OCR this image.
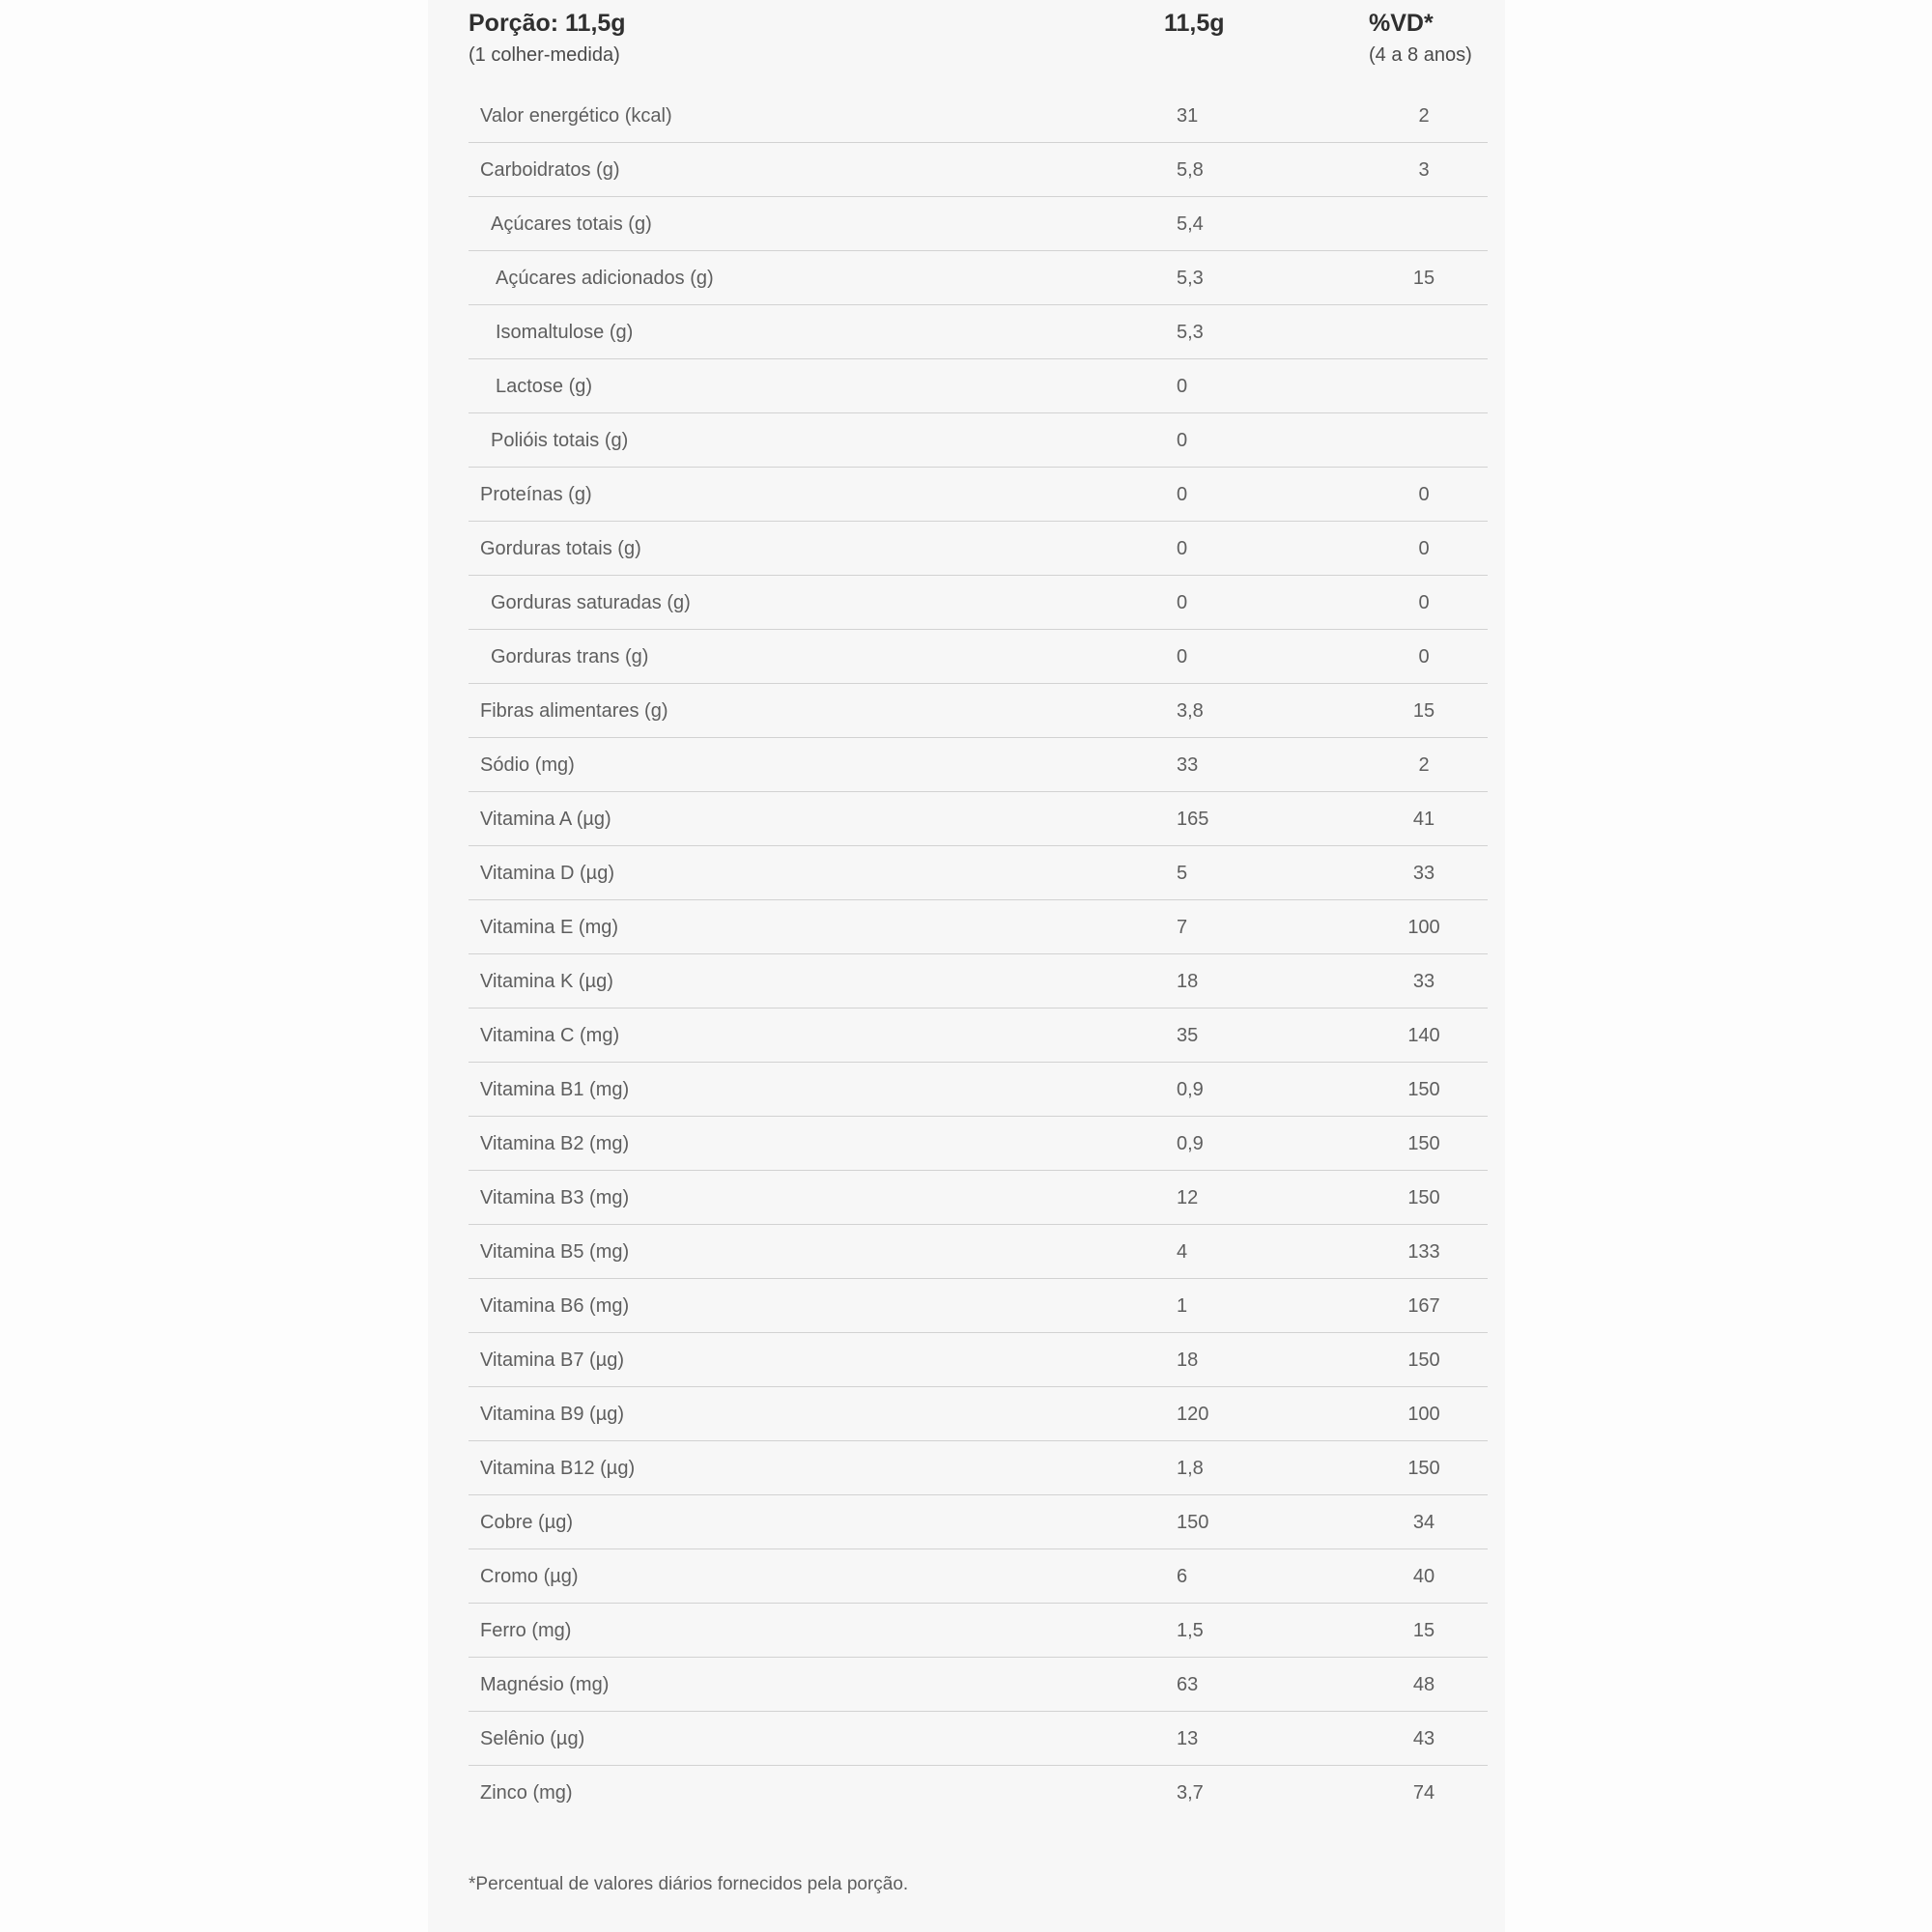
Porção: 11,5g
(1 colher-medida)
11,5g	%VD*
(4 a 8 anos)
Valor energético (kcal)	31	2
Carboidratos (g)	5,8	3
Açúcares totais (g)	5,4
Açúcares adicionados (g)	5,3	15
Isomaltulose (g)	5,3
Lactose (g)	0
Polióis totais (g)	0
Proteínas (g)	0	0
Gorduras totais (g)	0	0
Gorduras saturadas (g)	0	0
Gorduras trans (g)	0	0
Fibras alimentares (g)	3,8	15
Sódio (mg)	33	2
Vitamina A (µg)	165	41
Vitamina D (µg)	5	33
Vitamina E (mg)	7	100
Vitamina K (µg)	18	33
Vitamina C (mg)	35	140
Vitamina B1 (mg)	0,9	150
Vitamina B2 (mg)	0,9	150
Vitamina B3 (mg)	12	150
Vitamina B5 (mg)	4	133
Vitamina B6 (mg)	1	167
Vitamina B7 (µg)	18	150
Vitamina B9 (µg)	120	100
Vitamina B12 (µg)	1,8	150
Cobre (µg)	150	34
Cromo (µg)	6	40
Ferro (mg)	1,5	15
Magnésio (mg)	63	48
Selênio (µg)	13	43
Zinco (mg)	3,7	74
*Percentual de valores diários fornecidos pela porção.
